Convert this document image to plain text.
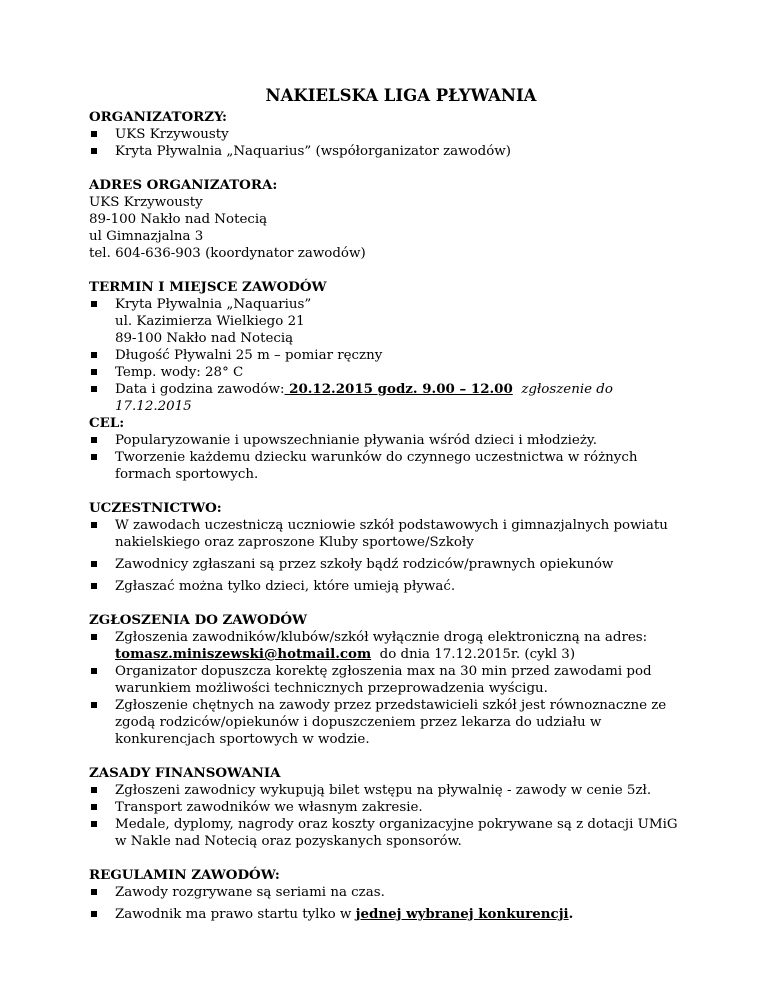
NAKIELSKA LIGA PŁYWANIA

ORGANIZATORZY:

UKS Krzywousty
Kryta Pływalnia „Naquarius” (współorganizator zawodów)

ADRES ORGANIZATORA:

UKS Krzywousty
89-100 Nakło nad Notecią
ul Gimnazjalna 3
tel. 604-636-903 (koordynator zawodów)

TERMIN I MIEJSCE ZAWODÓW

Kryta Pływalnia „Naquarius”
ul. Kazimierza Wielkiego 21
89-100 Nakło nad Notecią
Długość Pływalni 25 m – pomiar ręczny
Temp. wody: 28° C
Data i godzina zawodów: 20.12.2015 godz. 9.00 – 12.00 zgłoszenie do 17.12.2015

CEL:

Popularyzowanie i upowszechnianie pływania wśród dzieci i młodzieży.
Tworzenie każdemu dziecku warunków do czynnego uczestnictwa w różnych
formach sportowych.

UCZESTNICTWO:

W zawodach uczestniczą uczniowie szkół podstawowych i gimnazjalnych powiatu
nakielskiego oraz zaproszone Kluby sportowe/Szkoły
Zawodnicy zgłaszani są przez szkoły bądź rodziców/prawnych opiekunów
Zgłaszać można tylko dzieci, które umieją pływać.

ZGŁOSZENIA DO ZAWODÓW

Zgłoszenia zawodników/klubów/szkół wyłącznie drogą elektroniczną na adres:
tomasz.miniszewski@hotmail.com  do dnia 17.12.2015r. (cykl 3)
Organizator dopuszcza korektę zgłoszenia max na 30 min przed zawodami pod
warunkiem możliwości technicznych przeprowadzenia wyścigu.
Zgłoszenie chętnych na zawody przez przedstawicieli szkół jest równoznaczne ze
zgodą rodziców/opiekunów i dopuszczeniem przez lekarza do udziału w
konkurencjach sportowych w wodzie.

ZASADY FINANSOWANIA

Zgłoszeni zawodnicy wykupują bilet wstępu na pływalnię - zawody w cenie 5zł.
Transport zawodników we własnym zakresie.
Medale, dyplomy, nagrody oraz koszty organizacyjne pokrywane są z dotacji UMiG
w Nakle nad Notecią oraz pozyskanych sponsorów.

REGULAMIN ZAWODÓW:

Zawody rozgrywane są seriami na czas.
Zawodnik ma prawo startu tylko w jednej wybranej konkurencji.
